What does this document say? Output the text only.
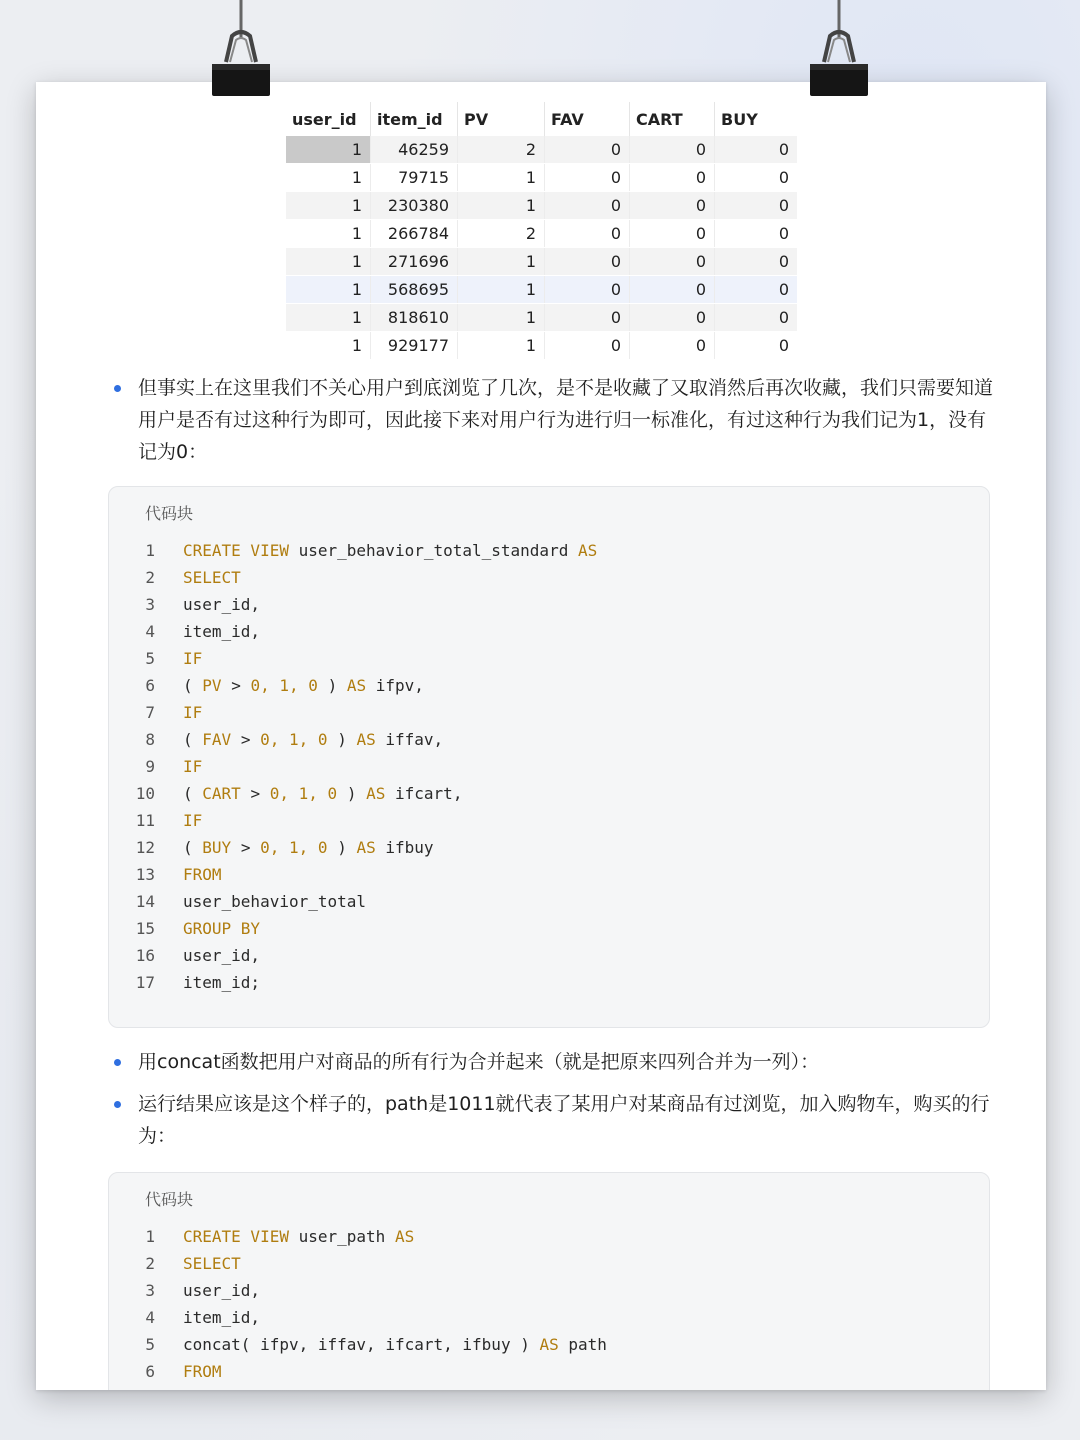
user_id	item_id	PV	FAV	CART	BUY
1	46259	2	0	0	0
1	79715	1	0	0	0
1	230380	1	0	0	0
1	266784	2	0	0	0
1	271696	1	0	0	0
1	568695	1	0	0	0
1	818610	1	0	0	0
1	929177	1	0	0	0
但事实上在这里我们不关心用户到底浏览了几次，是不是收藏了又取消然后再次收藏，我们只需要知道用户是否有过这种行为即可，因此接下来对用户行为进行归一标准化，有过这种行为我们记为1，没有记为0：
代码块
1 CREATE VIEW user_behavior_total_standard AS
2 SELECT
3 user_id,
4 item_id,
5 IF
6 ( PV > 0, 1, 0 ) AS ifpv,
7 IF
8 ( FAV > 0, 1, 0 ) AS iffav,
9 IF
10 ( CART > 0, 1, 0 ) AS ifcart,
11 IF
12 ( BUY > 0, 1, 0 ) AS ifbuy
13 FROM
14 user_behavior_total
15 GROUP BY
16 user_id,
17 item_id;
用concat函数把用户对商品的所有行为合并起来（就是把原来四列合并为一列）：
运行结果应该是这个样子的，path是1011就代表了某用户对某商品有过浏览，加入购物车，购买的行为：
代码块
1 CREATE VIEW user_path AS
2 SELECT
3 user_id,
4 item_id,
5 concat( ifpv, iffav, ifcart, ifbuy ) AS path
6 FROM
